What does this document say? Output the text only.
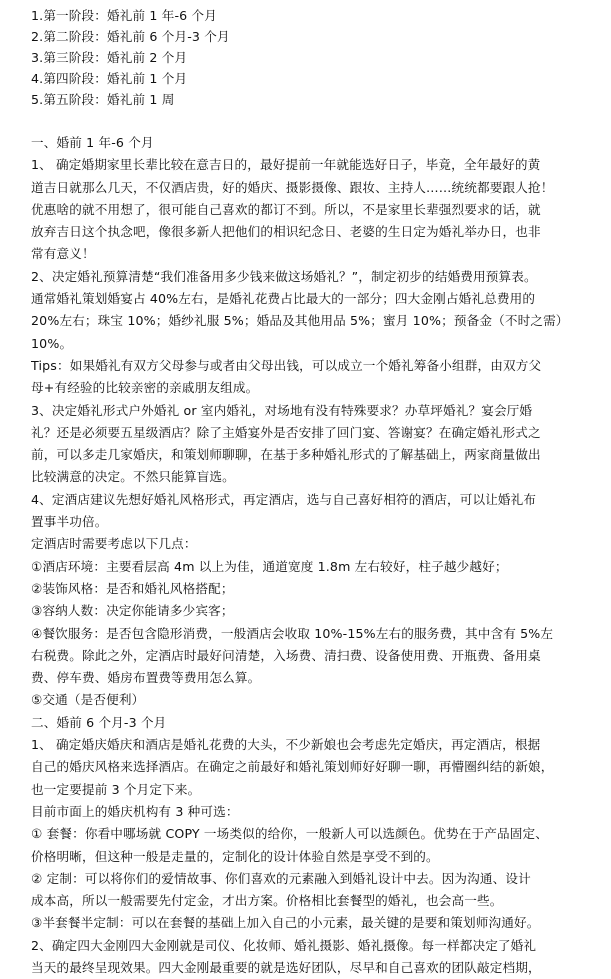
1.第一阶段：婚礼前 1 年-6 个月

2.第二阶段：婚礼前 6 个月-3 个月

3.第三阶段：婚礼前 2 个月

4.第四阶段：婚礼前 1 个月

5.第五阶段：婚礼前 1 周

一、婚前 1 年-6 个月

1、 确定婚期家里长辈比较在意吉日的，最好提前一年就能选好日子，毕竟，全年最好的黄

道吉日就那么几天，不仅酒店贵，好的婚庆、摄影摄像、跟妆、主持人……统统都要跟人抢！

优惠啥的就不用想了，很可能自己喜欢的都订不到。所以，不是家里长辈强烈要求的话，就

放弃吉日这个执念吧，像很多新人把他们的相识纪念日、老婆的生日定为婚礼举办日，也非

常有意义！

2、决定婚礼预算清楚“我们准备用多少钱来做这场婚礼？”，制定初步的结婚费用预算表。

通常婚礼策划婚宴占 40%左右，是婚礼花费占比最大的一部分；四大金刚占婚礼总费用的

20%左右；珠宝 10%；婚纱礼服 5%；婚品及其他用品 5%；蜜月 10%；预备金（不时之需）

10%。

Tips：如果婚礼有双方父母参与或者由父母出钱，可以成立一个婚礼筹备小组群，由双方父

母+有经验的比较亲密的亲戚朋友组成。

3、决定婚礼形式户外婚礼 or 室内婚礼，对场地有没有特殊要求？办草坪婚礼？宴会厅婚

礼？还是必须要五星级酒店？除了主婚宴外是否安排了回门宴、答谢宴？在确定婚礼形式之

前，可以多走几家婚庆，和策划师聊聊，在基于多种婚礼形式的了解基础上，两家商量做出

比较满意的决定。不然只能算盲选。

4、定酒店建议先想好婚礼风格形式，再定酒店，选与自己喜好相符的酒店，可以让婚礼布

置事半功倍。

定酒店时需要考虑以下几点：

①酒店环境：主要看层高 4m 以上为佳，通道宽度 1.8m 左右较好，柱子越少越好；

②装饰风格：是否和婚礼风格搭配；

③容纳人数：决定你能请多少宾客；

④餐饮服务：是否包含隐形消费，一般酒店会收取 10%-15%左右的服务费，其中含有 5%左

右税费。除此之外，定酒店时最好问清楚，入场费、清扫费、设备使用费、开瓶费、备用桌

费、停车费、婚房布置费等费用怎么算。

⑤交通（是否便利）

二、婚前 6 个月-3 个月

1、 确定婚庆婚庆和酒店是婚礼花费的大头，不少新娘也会考虑先定婚庆，再定酒店，根据

自己的婚庆风格来选择酒店。在确定之前最好和婚礼策划师好好聊一聊，再懵圈纠结的新娘，

也一定要提前 3 个月定下来。

目前市面上的婚庆机构有 3 种可选：

① 套餐：你看中哪场就 COPY 一场类似的给你，一般新人可以选颜色。优势在于产品固定、

价格明晰，但这种一般是走量的，定制化的设计体验自然是享受不到的。

② 定制：可以将你们的爱情故事、你们喜欢的元素融入到婚礼设计中去。因为沟通、设计

成本高，所以一般需要先付定金，才出方案。价格相比套餐型的婚礼，也会高一些。

③半套餐半定制：可以在套餐的基础上加入自己的小元素，最关键的是要和策划师沟通好。

2、确定四大金刚四大金刚就是司仪、化妆师、婚礼摄影、婚礼摄像。每一样都决定了婚礼

当天的最终呈现效果。四大金刚最重要的就是选好团队，尽早和自己喜欢的团队敲定档期，
